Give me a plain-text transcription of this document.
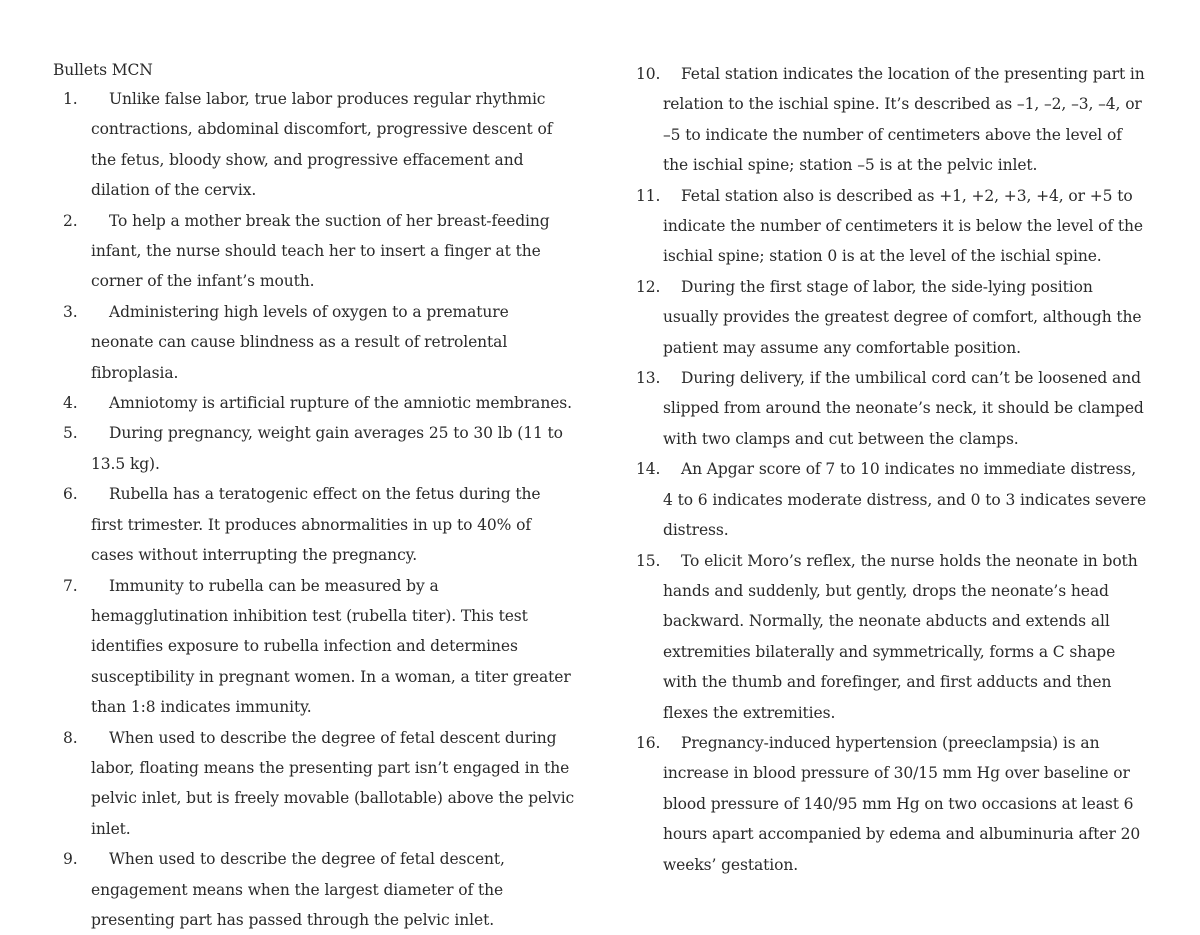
Bullets MCN
1.	Unlike false labor, true labor produces regular rhythmic contractions, abdominal discomfort, progressive descent of the fetus, bloody show, and progressive effacement and dilation of the cervix.
2.	To help a mother break the suction of her breast-feeding infant, the nurse should teach her to insert a finger at the corner of the infant’s mouth.
3.	Administering high levels of oxygen to a premature neonate can cause blindness as a result of retrolental fibroplasia.
4.	Amniotomy is artificial rupture of the amniotic membranes.
5.	During pregnancy, weight gain averages 25 to 30 lb (11 to 13.5 kg).
6.	Rubella has a teratogenic effect on the fetus during the first trimester. It produces abnormalities in up to 40% of cases without interrupting the pregnancy.
7.	Immunity to rubella can be measured by a hemagglutination inhibition test (rubella titer). This test identifies exposure to rubella infection and determines susceptibility in pregnant women. In a woman, a titer greater than 1:8 indicates immunity.
8.	When used to describe the degree of fetal descent during labor, floating means the presenting part isn’t engaged in the pelvic inlet, but is freely movable (ballotable) above the pelvic inlet.
9.	When used to describe the degree of fetal descent, engagement means when the largest diameter of the presenting part has passed through the pelvic inlet.
10.	Fetal station indicates the location of the presenting part in relation to the ischial spine. It’s described as –1, –2, –3, –4, or –5 to indicate the number of centimeters above the level of the ischial spine; station –5 is at the pelvic inlet.
11.	Fetal station also is described as +1, +2, +3, +4, or +5 to indicate the number of centimeters it is below the level of the ischial spine; station 0 is at the level of the ischial spine.
12.	During the first stage of labor, the side-lying position usually provides the greatest degree of comfort, although the patient may assume any comfortable position.
13.	During delivery, if the umbilical cord can’t be loosened and slipped from around the neonate’s neck, it should be clamped with two clamps and cut between the clamps.
14.	An Apgar score of 7 to 10 indicates no immediate distress, 4 to 6 indicates moderate distress, and 0 to 3 indicates severe distress.
15.	To elicit Moro’s reflex, the nurse holds the neonate in both hands and suddenly, but gently, drops the neonate’s head backward. Normally, the neonate abducts and extends all extremities bilaterally and symmetrically, forms a C shape with the thumb and forefinger, and first adducts and then flexes the extremities.
16.	Pregnancy-induced hypertension (preeclampsia) is an increase in blood pressure of 30/15 mm Hg over baseline or blood pressure of 140/95 mm Hg on two occasions at least 6 hours apart accompanied by edema and albuminuria after 20 weeks’ gestation.
